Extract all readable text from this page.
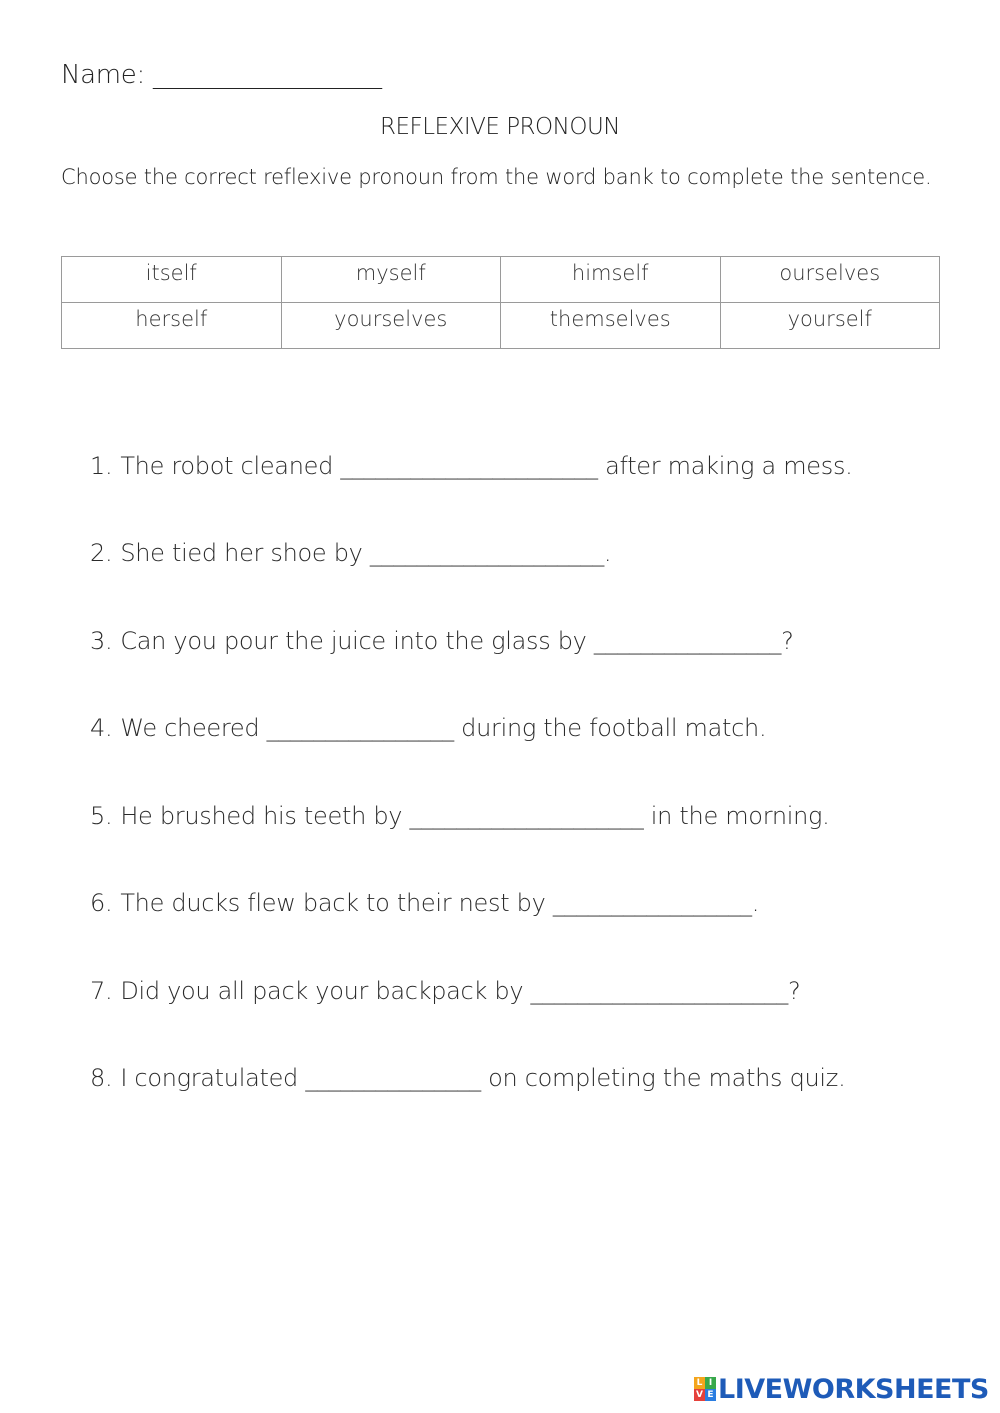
Name: ___________________
REFLEXIVE PRONOUN
Choose the correct reflexive pronoun from the word bank to complete the sentence.
itself	myself	himself	ourselves
herself	yourselves	themselves	yourself
1. The robot cleaned ______________________ after making a mess.
2. She tied her shoe by ____________________.
3. Can you pour the juice into the glass by ________________?
4. We cheered ________________ during the football match.
5. He brushed his teeth by ____________________ in the morning.
6. The ducks flew back to their nest by _________________.
7. Did you all pack your backpack by ______________________?
8. I congratulated _______________ on completing the maths quiz.
L I
V E LIVEWORKSHEETS
